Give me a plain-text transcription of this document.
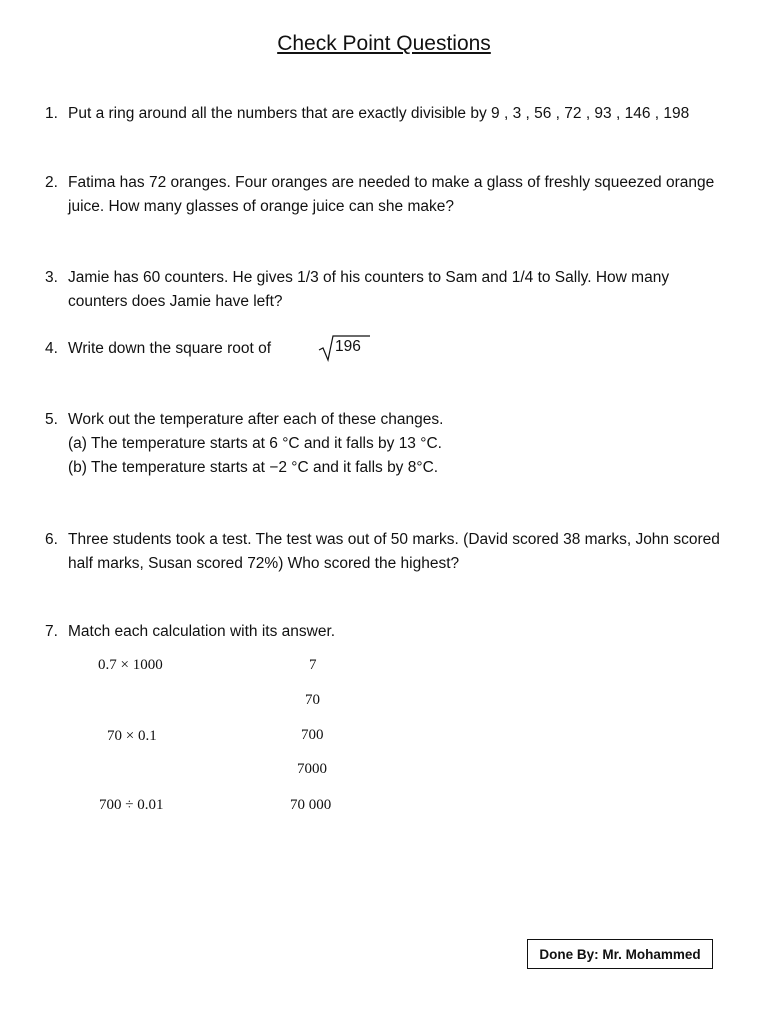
Check Point Questions
1. Put a ring around all the numbers that are exactly divisible by 9 , 3 , 56 , 72 , 93 , 146 , 198
2. Fatima has 72 oranges. Four oranges are needed to make a glass of freshly squeezed orange
juice. How many glasses of orange juice can she make?
3. Jamie has 60 counters. He gives 1/3 of his counters to Sam and 1/4 to Sally. How many
counters does Jamie have left?
4. Write down the square root of	196
5. Work out the temperature after each of these changes.
(a) The temperature starts at 6 °C and it falls by 13 °C.
(b) The temperature starts at −2 °C and it falls by 8°C.
6. Three students took a test. The test was out of 50 marks. (David scored 38 marks, John scored
half marks, Susan scored 72%) Who scored the highest?
7. Match each calculation with its answer.
0.7 × 1000
70 × 0.1
700 ÷ 0.01
7
70
700
7000
70 000
Done By: Mr. Mohammed
